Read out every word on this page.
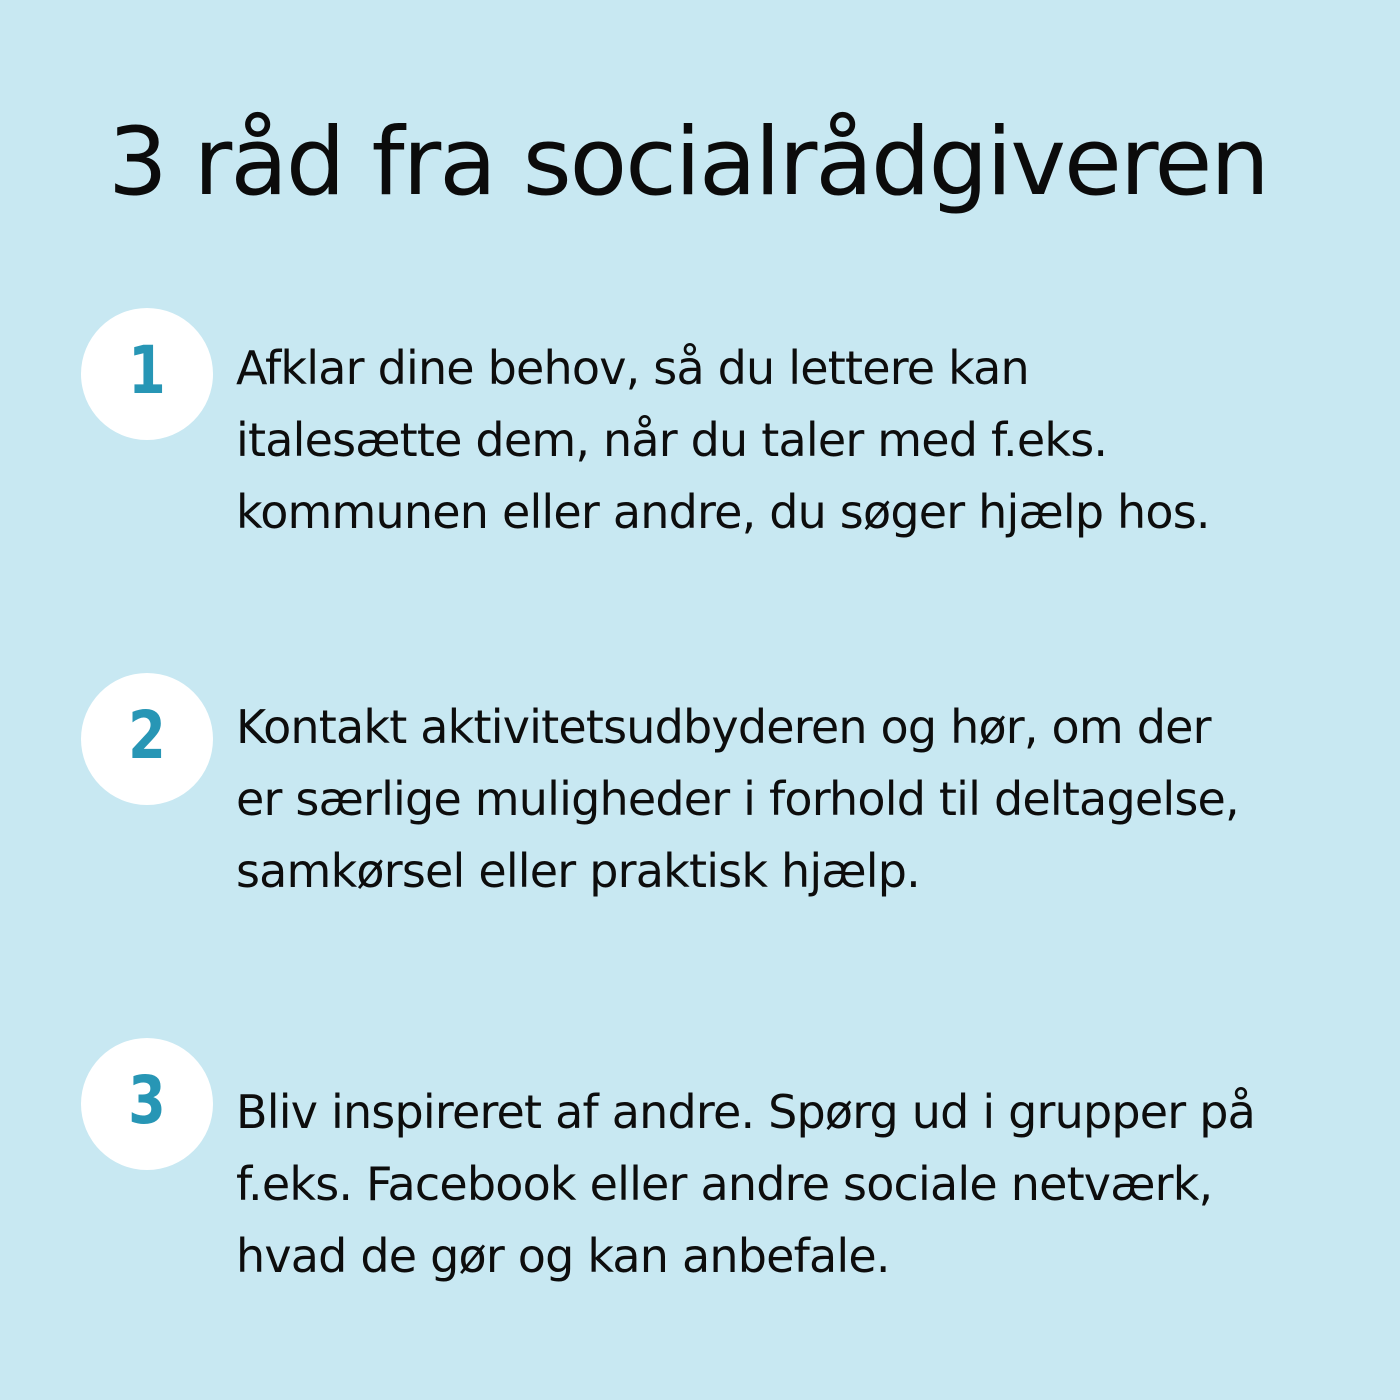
3 råd fra socialrådgiveren
1 Afklar dine behov, så du lettere kan
italesætte dem, når du taler med f.eks.
kommunen eller andre, du søger hjælp hos.

2 Kontakt aktivitetsudbyderen og hør, om der
er særlige muligheder i forhold til deltagelse,
samkørsel eller praktisk hjælp.

3 Bliv inspireret af andre. Spørg ud i grupper på
f.eks. Facebook eller andre sociale netværk,
hvad de gør og kan anbefale.
